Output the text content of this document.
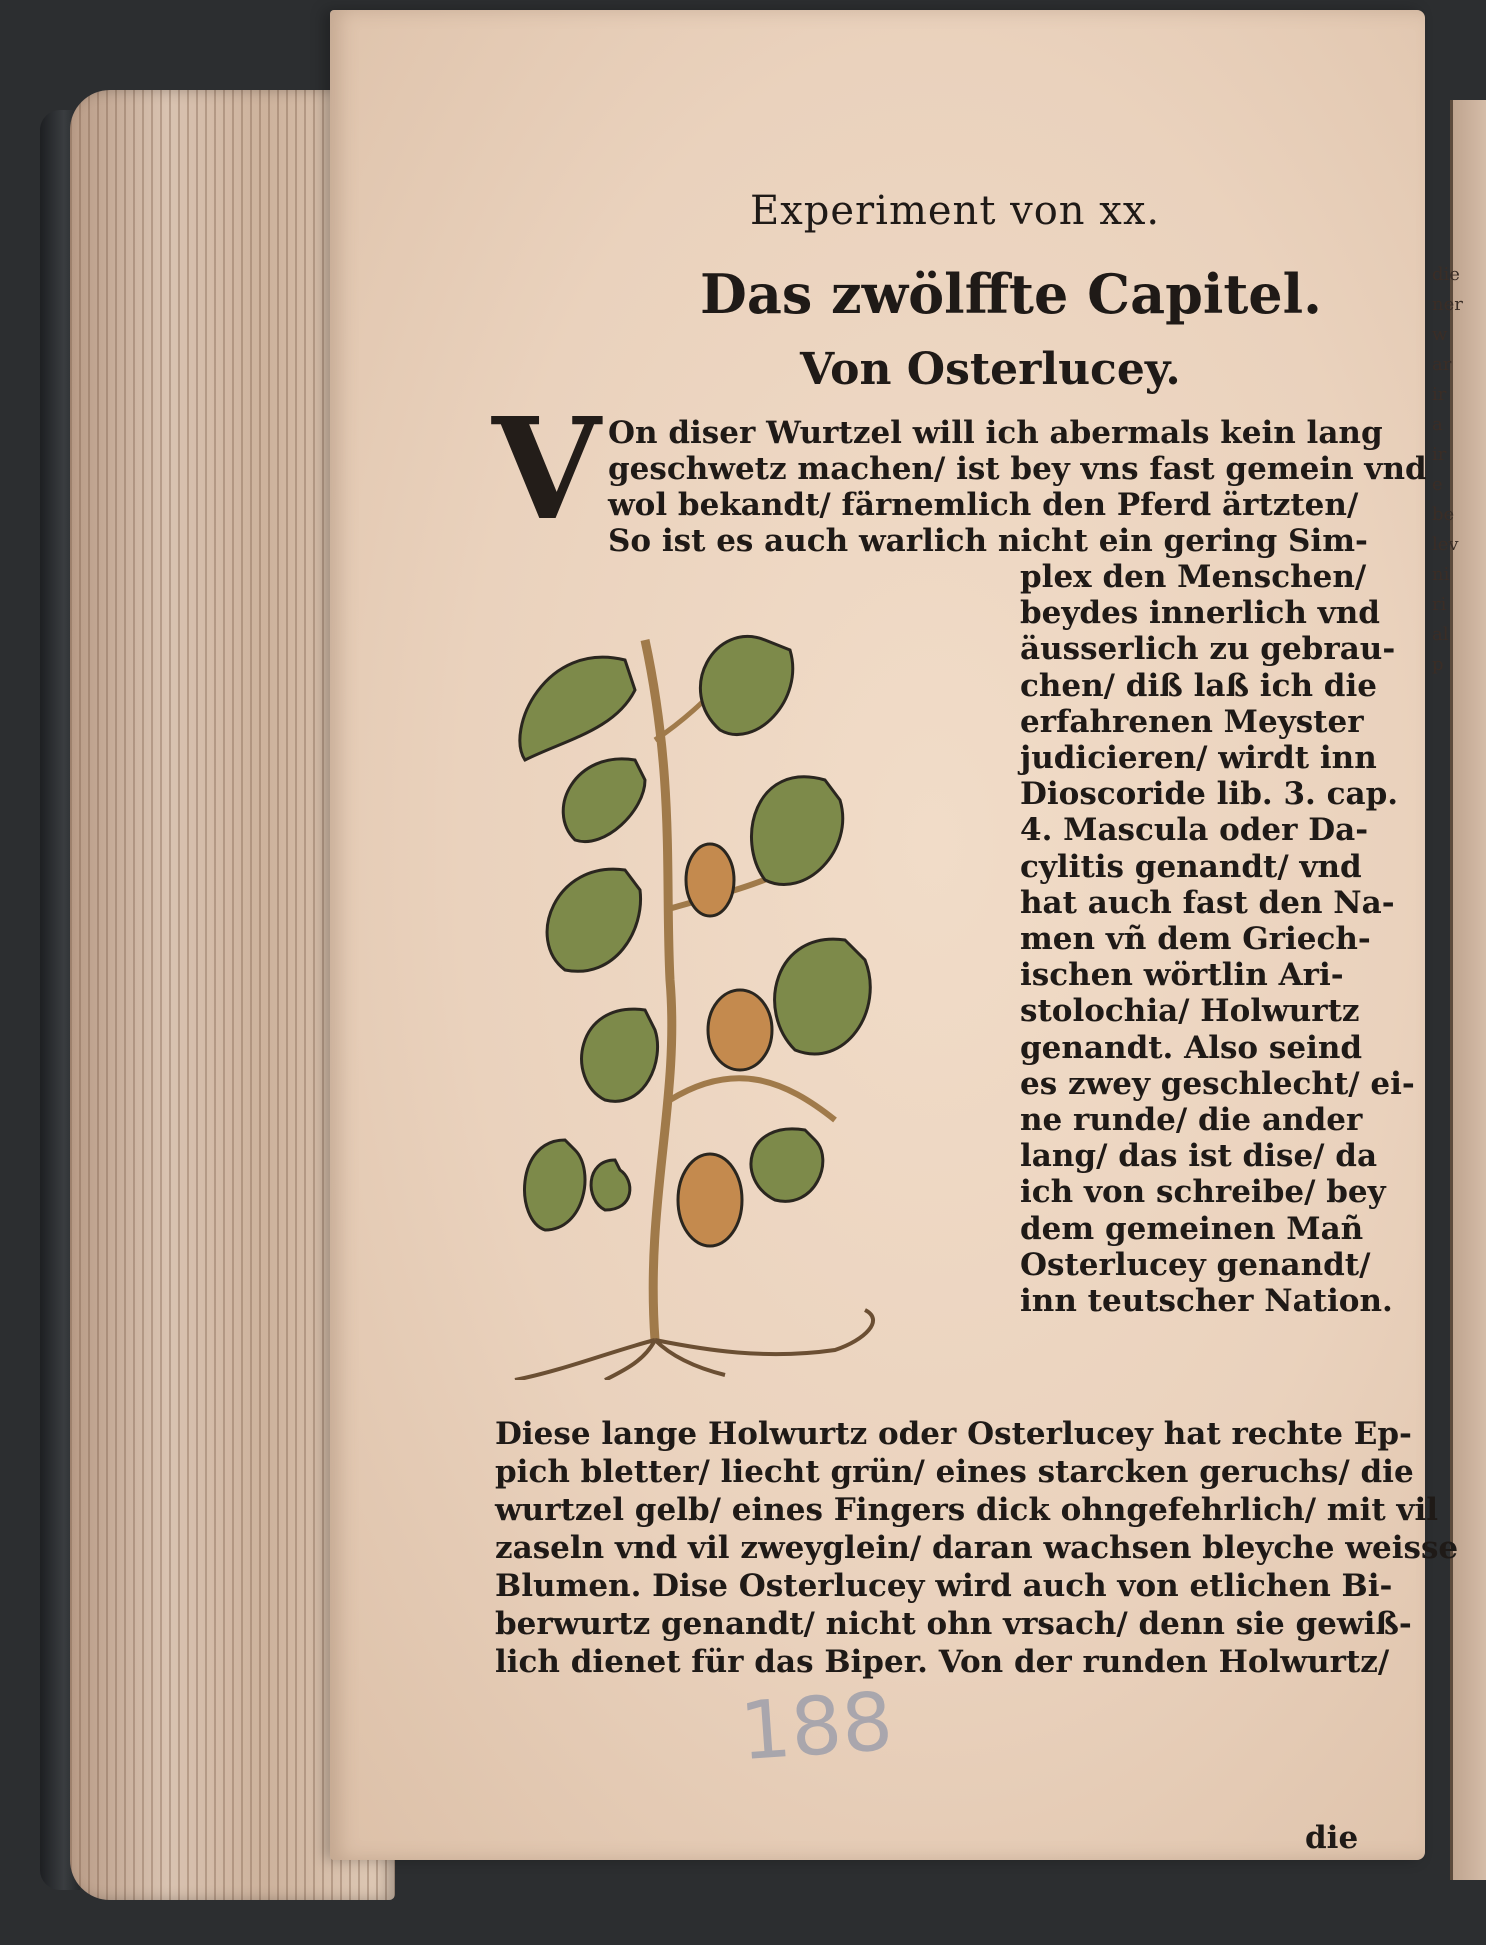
die
ner
w
ar
ir
a
ir
e
be
lev
ni
ri
al
p
Experiment von xx.
Das zwölffte Capitel.
Von Osterlucey.
V On diser Wurtzel will ich abermals kein lang
geschwetz machen/ ist bey vns fast gemein vnd
wol bekandt/ färnemlich den Pferd ärtzten/
So ist es auch warlich nicht ein gering Sim-
plex den Menschen/
beydes innerlich vnd
äusserlich zu gebrau-
chen/ diß laß ich die
erfahrenen Meyster
judicieren/ wirdt inn
Dioscoride lib. 3. cap.
4. Mascula oder Da-
cylitis genandt/ vnd
hat auch fast den Na-
men vñ dem Griech-
ischen wörtlin Ari-
stolochia/ Holwurtz
genandt. Also seind
es zwey geschlecht/ ei-
ne runde/ die ander
lang/ das ist dise/ da
ich von schreibe/ bey
dem gemeinen Mañ
Osterlucey genandt/
inn teutscher Nation.
Diese lange Holwurtz oder Osterlucey hat rechte Ep-
pich bletter/ liecht grün/ eines starcken geruchs/ die
wurtzel gelb/ eines Fingers dick ohngefehrlich/ mit vil
zaseln vnd vil zweyglein/ daran wachsen bleyche weisse
Blumen. Dise Osterlucey wird auch von etlichen Bi-
berwurtz genandt/ nicht ohn vrsach/ denn sie gewiß-
lich dienet für das Biper. Von der runden Holwurtz/
die
188
